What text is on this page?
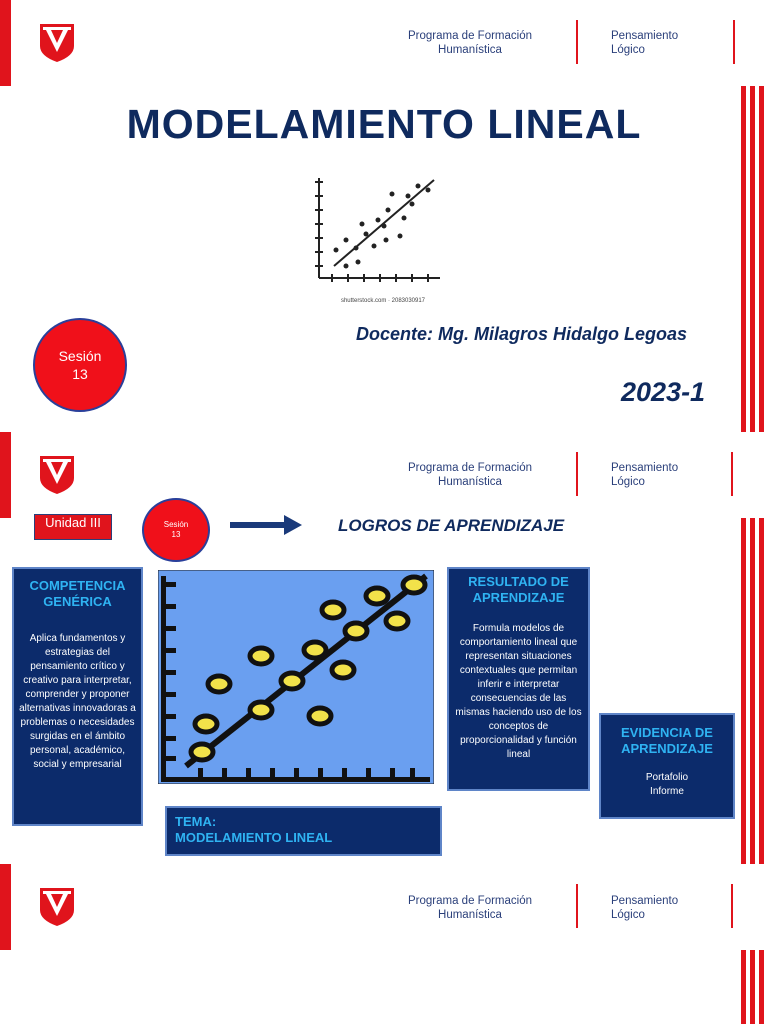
Programa de Formación
Humanística
Pensamiento
Lógico
MODELAMIENTO LINEAL
shutterstock.com · 2083030917
Sesión
13
Docente: Mg. Milagros Hidalgo Legoas
2023-1
Programa de Formación
Humanística
Pensamiento
Lógico
Unidad III	Sesión
13	LOGROS DE APRENDIZAJE
COMPETENCIA GENÉRICA
Aplica fundamentos y estrategias del pensamiento crítico y creativo para interpretar, comprender y proponer alternativas innovadoras a problemas o necesidades surgidas en el ámbito personal, académico, social y empresarial
TEMA:
MODELAMIENTO LINEAL
RESULTADO DE APRENDIZAJE
Formula modelos de comportamiento lineal que representan situaciones contextuales que permitan inferir e interpretar consecuencias de las mismas haciendo uso de los conceptos de proporcionalidad y función lineal
EVIDENCIA DE APRENDIZAJE
Portafolio
Informe
Programa de Formación
Humanística
Pensamiento
Lógico
